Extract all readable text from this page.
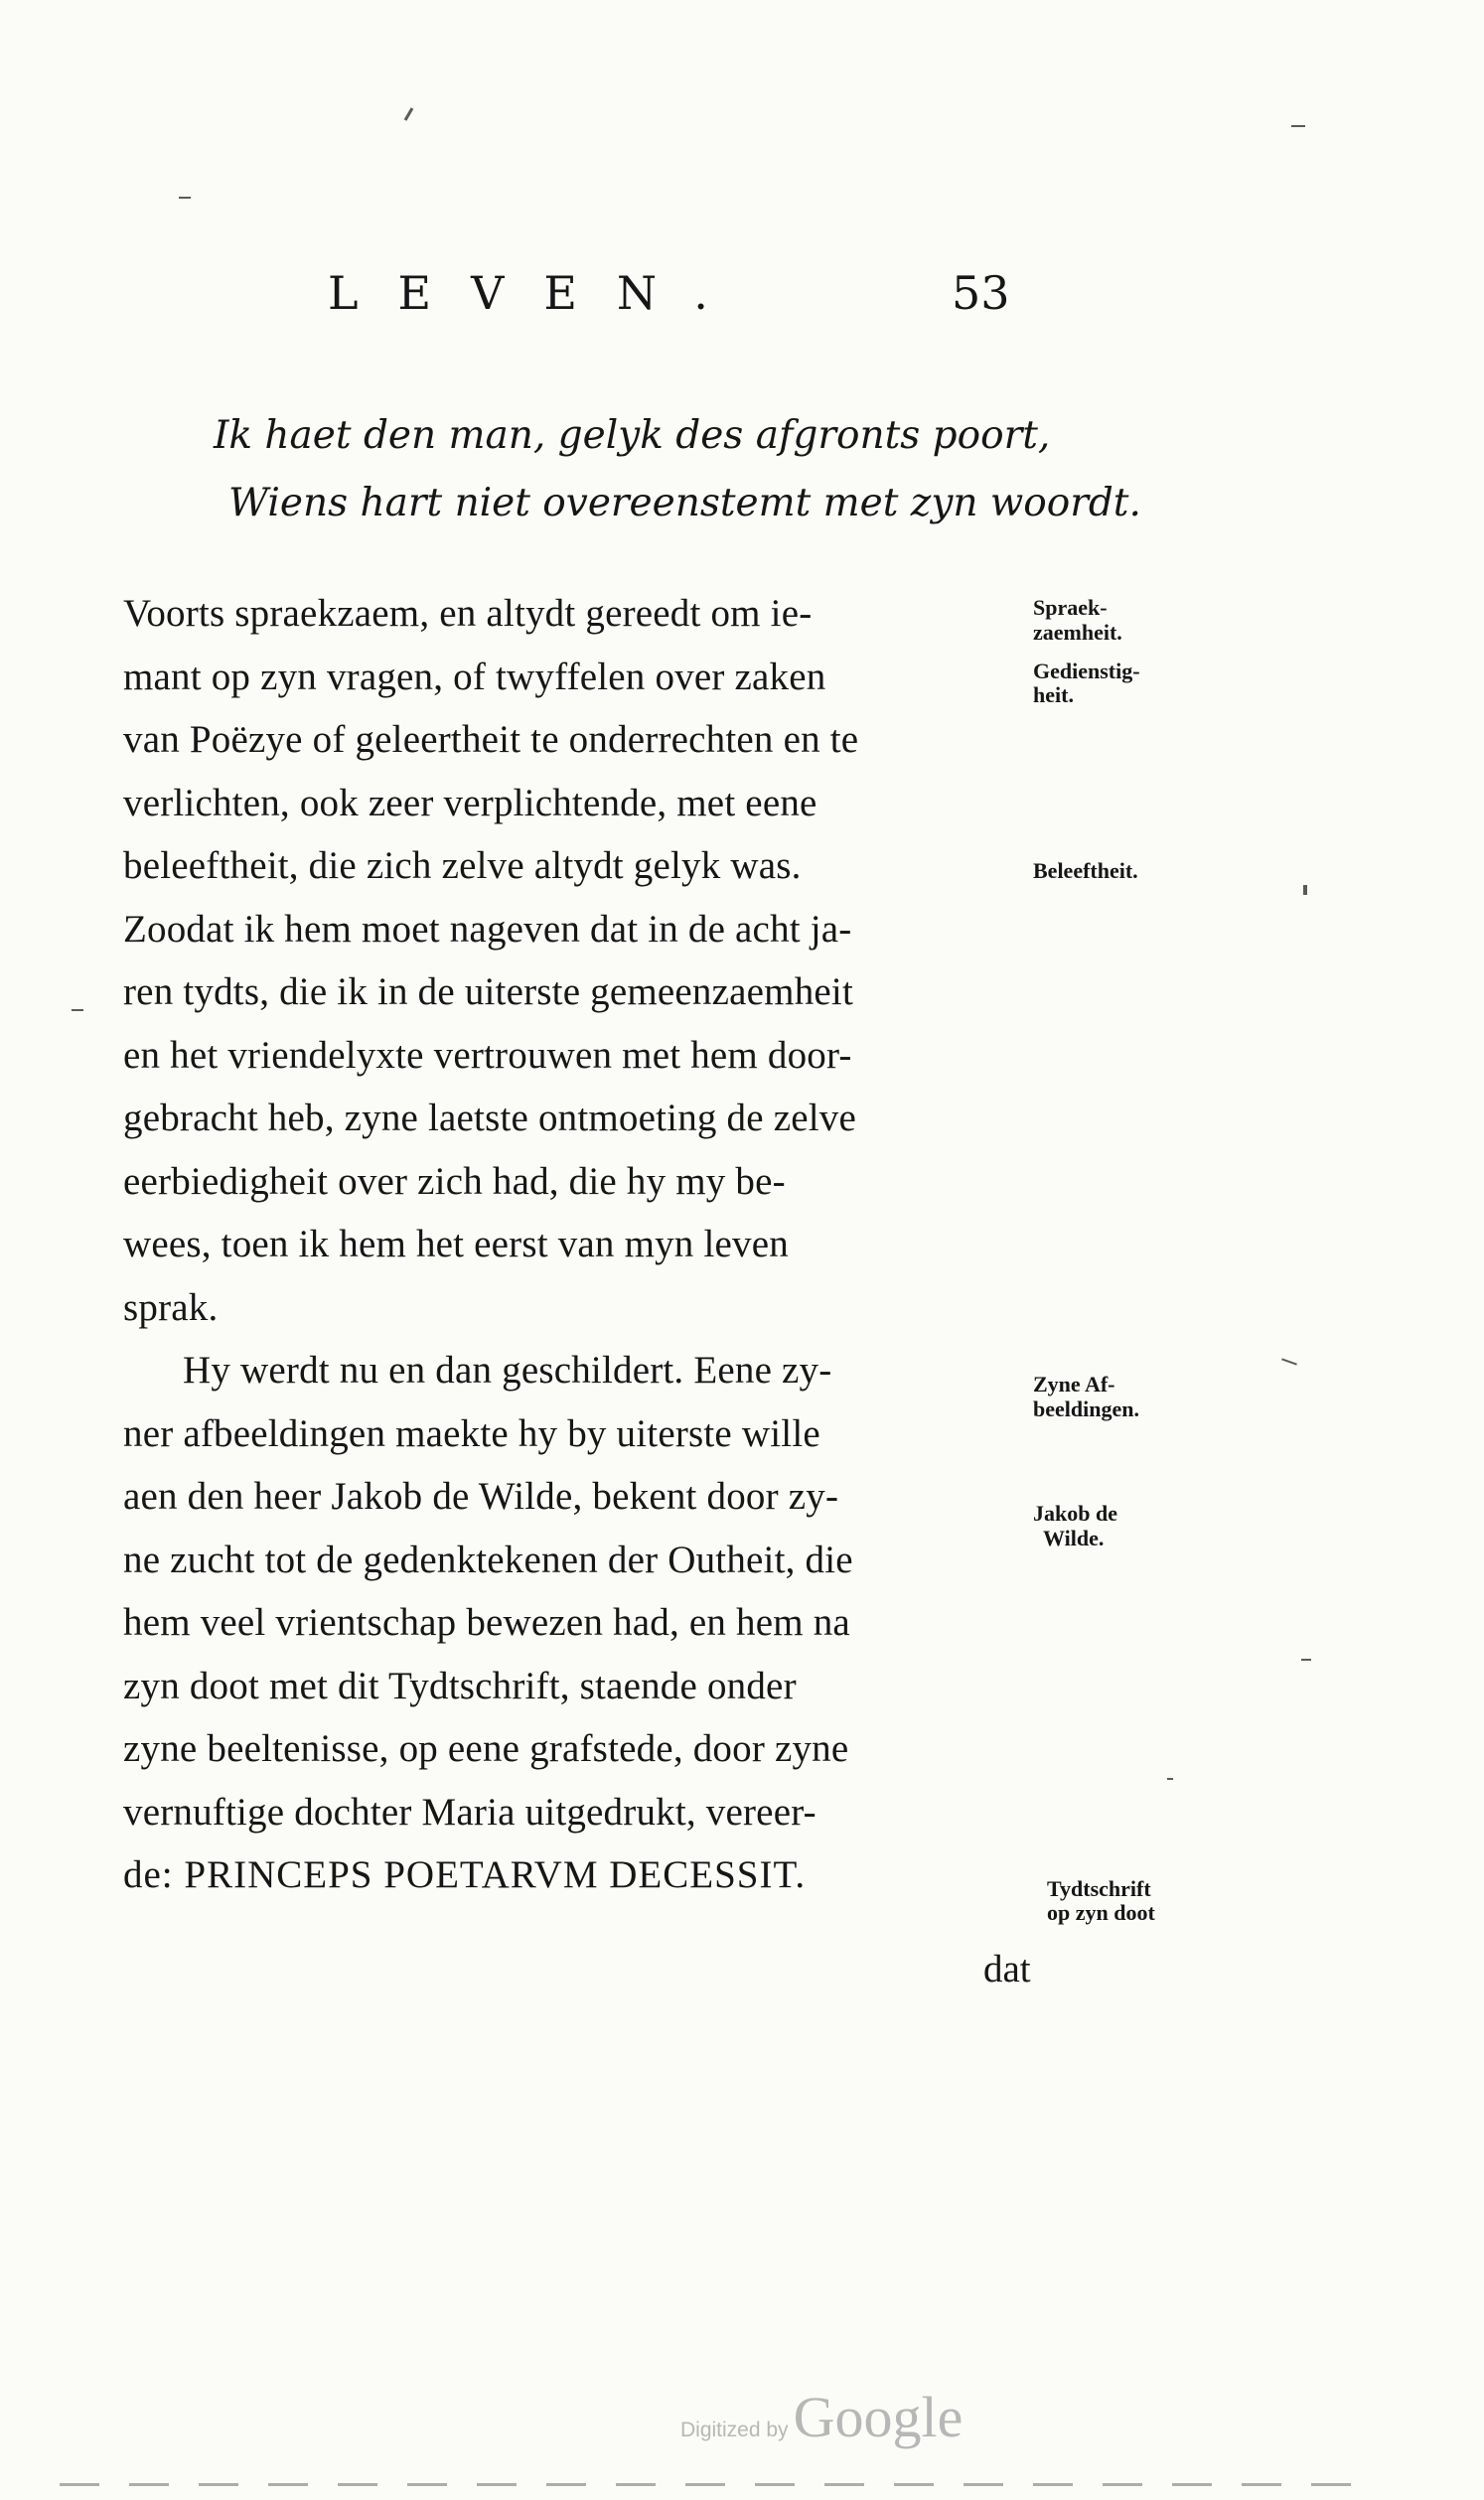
LEVEN.	53
Ik haet den man, gelyk des afgronts poort,
Wiens hart niet overeenstemt met zyn woordt.
Voorts spraekzaem, en altydt gereedt om ie-
mant op zyn vragen, of twyffelen over zaken
van Poëzye of geleertheit te onderrechten en te
verlichten, ook zeer verplichtende, met eene
beleeftheit, die zich zelve altydt gelyk was.
Zoodat ik hem moet nageven dat in de acht ja-
ren tydts, die ik in de uiterste gemeenzaemheit
en het vriendelyxte vertrouwen met hem door-
gebracht heb, zyne laetste ontmoeting de zelve
eerbiedigheit over zich had, die hy my be-
wees, toen ik hem het eerst van myn leven
sprak.
Hy werdt nu en dan geschildert. Eene zy-
ner afbeeldingen maekte hy by uiterste wille
aen den heer Jakob de Wilde, bekent door zy-
ne zucht tot de gedenktekenen der Outheit, die
hem veel vrientschap bewezen had, en hem na
zyn doot met dit Tydtschrift, staende onder
zyne beeltenisse, op eene grafstede, door zyne
vernuftige dochter Maria uitgedrukt, vereer-
de: PRINCEPS POETARVM DECESSIT.
dat
Spraek-
zaemheit.
Gedienstig-
heit.
Beleeftheit.
Zyne Af-
beeldingen.
Jakob de
Wilde.
Tydtschrift
op zyn doot
Digitized by Google
